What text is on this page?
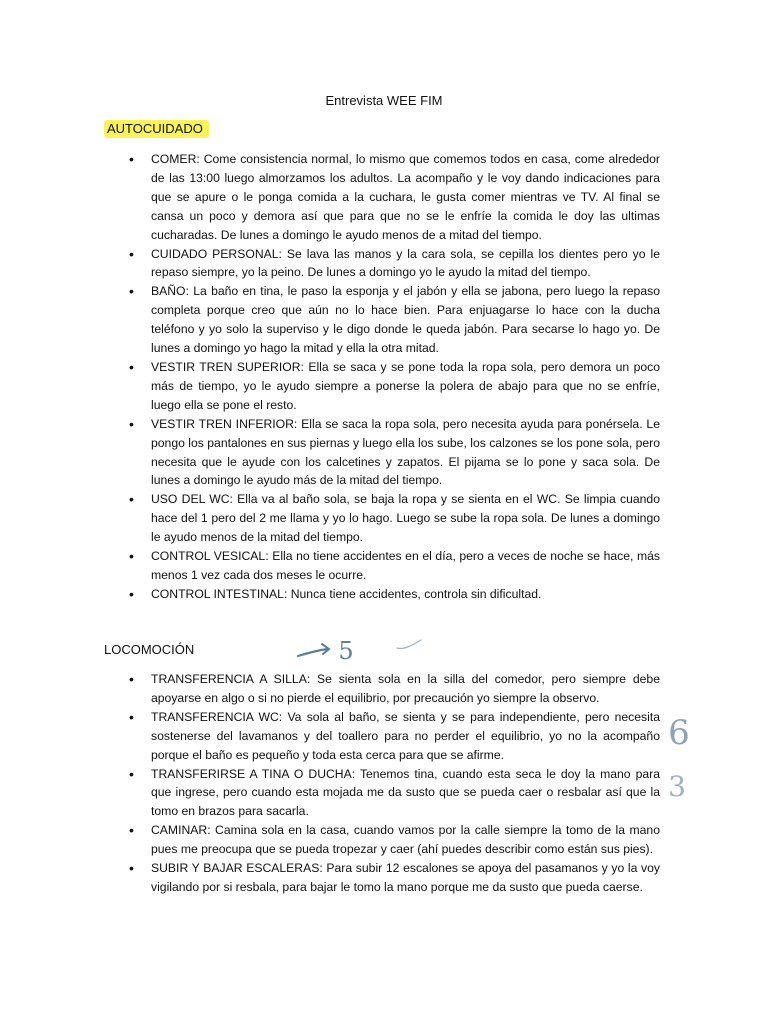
Entrevista WEE FIM
AUTOCUIDADO
• COMER: Come consistencia normal, lo mismo que comemos todos en casa, come alrededor de las 13:00 luego almorzamos los adultos. La acompaño y le voy dando indicaciones para que se apure o le ponga comida a la cuchara, le gusta comer mientras ve TV. Al final se cansa un poco y demora así que para que no se le enfríe la comida le doy las ultimas cucharadas. De lunes a domingo le ayudo menos de a mitad del tiempo.
• CUIDADO PERSONAL: Se lava las manos y la cara sola, se cepilla los dientes pero yo le repaso siempre, yo la peino. De lunes a domingo yo le ayudo la mitad del tiempo.
• BAÑO: La baño en tina, le paso la esponja y el jabón y ella se jabona, pero luego la repaso completa porque creo que aún no lo hace bien. Para enjuagarse lo hace con la ducha teléfono y yo solo la superviso y le digo donde le queda jabón. Para secarse lo hago yo. De lunes a domingo yo hago la mitad y ella la otra mitad.
• VESTIR TREN SUPERIOR: Ella se saca y se pone toda la ropa sola, pero demora un poco más de tiempo, yo le ayudo siempre a ponerse la polera de abajo para que no se enfríe, luego ella se pone el resto.
• VESTIR TREN INFERIOR: Ella se saca la ropa sola, pero necesita ayuda para ponérsela. Le pongo los pantalones en sus piernas y luego ella los sube, los calzones se los pone sola, pero necesita que le ayude con los calcetines y zapatos. El pijama se lo pone y saca sola. De lunes a domingo le ayudo más de la mitad del tiempo.
• USO DEL WC: Ella va al baño sola, se baja la ropa y se sienta en el WC. Se limpia cuando hace del 1 pero del 2 me llama y yo lo hago. Luego se sube la ropa sola. De lunes a domingo le ayudo menos de la mitad del tiempo.
• CONTROL VESICAL: Ella no tiene accidentes en el día, pero a veces de noche se hace, más menos 1 vez cada dos meses le ocurre.
• CONTROL INTESTINAL: Nunca tiene accidentes, controla sin dificultad.
LOCOMOCIÓN	5
• TRANSFERENCIA A SILLA: Se sienta sola en la silla del comedor, pero siempre debe apoyarse en algo o si no pierde el equilibrio, por precaución yo siempre la observo.
• TRANSFERENCIA WC: Va sola al baño, se sienta y se para independiente, pero necesita sostenerse del lavamanos y del toallero para no perder el equilibrio, yo no la acompaño porque el baño es pequeño y toda esta cerca para que se afirme.
• TRANSFERIRSE A TINA O DUCHA: Tenemos tina, cuando esta seca le doy la mano para que ingrese, pero cuando esta mojada me da susto que se pueda caer o resbalar así que la tomo en brazos para sacarla.
• CAMINAR: Camina sola en la casa, cuando vamos por la calle siempre la tomo de la mano pues me preocupa que se pueda tropezar y caer (ahí puedes describir como están sus pies).
• SUBIR Y BAJAR ESCALERAS: Para subir 12 escalones se apoya del pasamanos y yo la voy vigilando por si resbala, para bajar le tomo la mano porque me da susto que pueda caerse.
6
3
